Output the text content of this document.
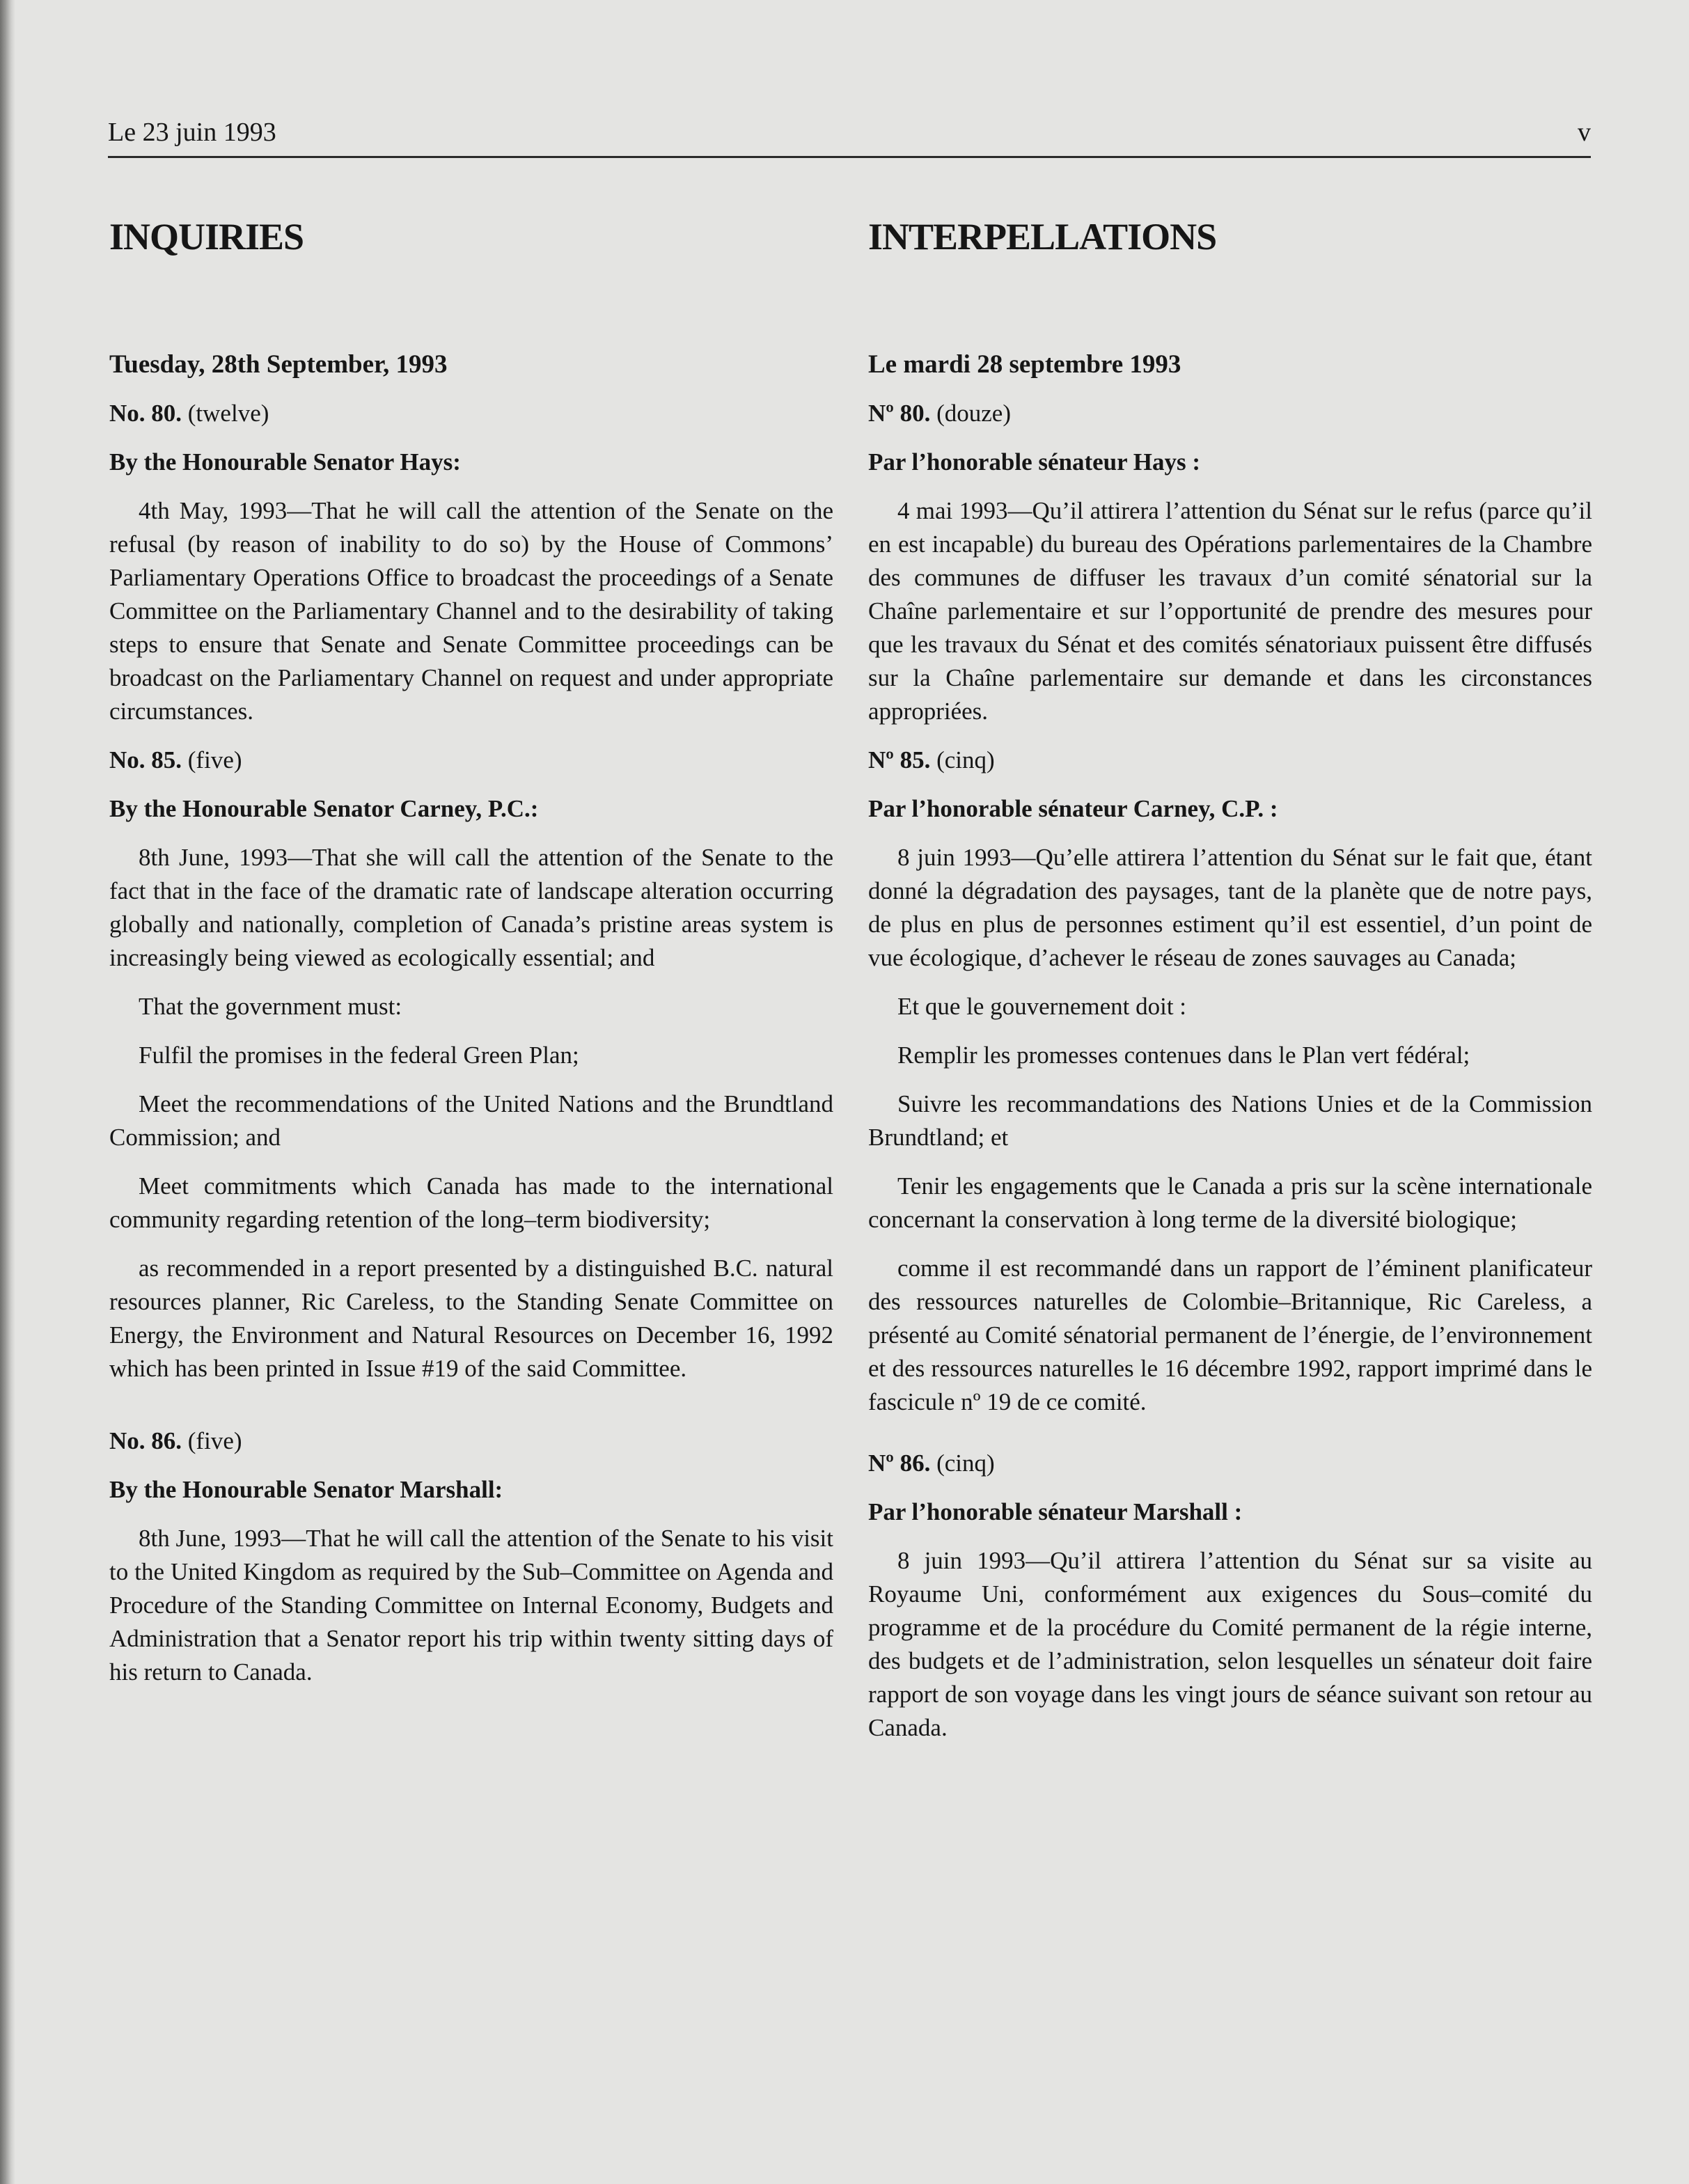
Le 23 juin 1993	v
INQUIRIES
Tuesday, 28th September, 1993
No. 80. (twelve)
By the Honourable Senator Hays:

4th May, 1993—That he will call the attention of the Senate on the refusal (by reason of inability to do so) by the House of Commons’ Parliamentary Operations Office to broadcast the proceedings of a Senate Committee on the Parliamentary Channel and to the desirability of taking steps to ensure that Senate and Senate Committee proceedings can be broadcast on the Parliamentary Channel on request and under appropriate circumstances.

No. 85. (five)
By the Honourable Senator Carney, P.C.:

8th June, 1993—That she will call the attention of the Senate to the fact that in the face of the dramatic rate of landscape alteration occurring globally and nationally, completion of Canada’s pristine areas system is increasingly being viewed as ecologically essential; and

That the government must:

Fulfil the promises in the federal Green Plan;

Meet the recommendations of the United Nations and the Brundtland Commission; and

Meet commitments which Canada has made to the international community regarding retention of the long–term biodiversity;

as recommended in a report presented by a distinguished B.C. natural resources planner, Ric Careless, to the Standing Senate Committee on Energy, the Environment and Natural Resources on December 16, 1992 which has been printed in Issue #19 of the said Committee.

No. 86. (five)
By the Honourable Senator Marshall:

8th June, 1993—That he will call the attention of the Senate to his visit to the United Kingdom as required by the Sub–Committee on Agenda and Procedure of the Standing Committee on Internal Economy, Budgets and Administration that a Senator report his trip within twenty sitting days of his return to Canada.

INTERPELLATIONS
Le mardi 28 septembre 1993
Nº 80. (douze)
Par l’honorable sénateur Hays :

4 mai 1993—Qu’il attirera l’attention du Sénat sur le refus (parce qu’il en est incapable) du bureau des Opérations parlementaires de la Chambre des communes de diffuser les travaux d’un comité sénatorial sur la Chaîne parlementaire et sur l’opportunité de prendre des mesures pour que les travaux du Sénat et des comités sénatoriaux puissent être diffusés sur la Chaîne parlementaire sur demande et dans les circonstances appropriées.

Nº 85. (cinq)
Par l’honorable sénateur Carney, C.P. :

8 juin 1993—Qu’elle attirera l’attention du Sénat sur le fait que, étant donné la dégradation des paysages, tant de la planète que de notre pays, de plus en plus de personnes estiment qu’il est essentiel, d’un point de vue écologique, d’achever le réseau de zones sauvages au Canada;

Et que le gouvernement doit :

Remplir les promesses contenues dans le Plan vert fédéral;

Suivre les recommandations des Nations Unies et de la Commission Brundtland; et

Tenir les engagements que le Canada a pris sur la scène internationale concernant la conservation à long terme de la diversité biologique;

comme il est recommandé dans un rapport de l’éminent planificateur des ressources naturelles de Colombie–Britannique, Ric Careless, a présenté au Comité sénatorial permanent de l’énergie, de l’environnement et des ressources naturelles le 16 décembre 1992, rapport imprimé dans le fascicule nº 19 de ce comité.

Nº 86. (cinq)
Par l’honorable sénateur Marshall :

8 juin 1993—Qu’il attirera l’attention du Sénat sur sa visite au Royaume Uni, conformément aux exigences du Sous–comité du programme et de la procédure du Comité permanent de la régie interne, des budgets et de l’administration, selon lesquelles un sénateur doit faire rapport de son voyage dans les vingt jours de séance suivant son retour au Canada.
